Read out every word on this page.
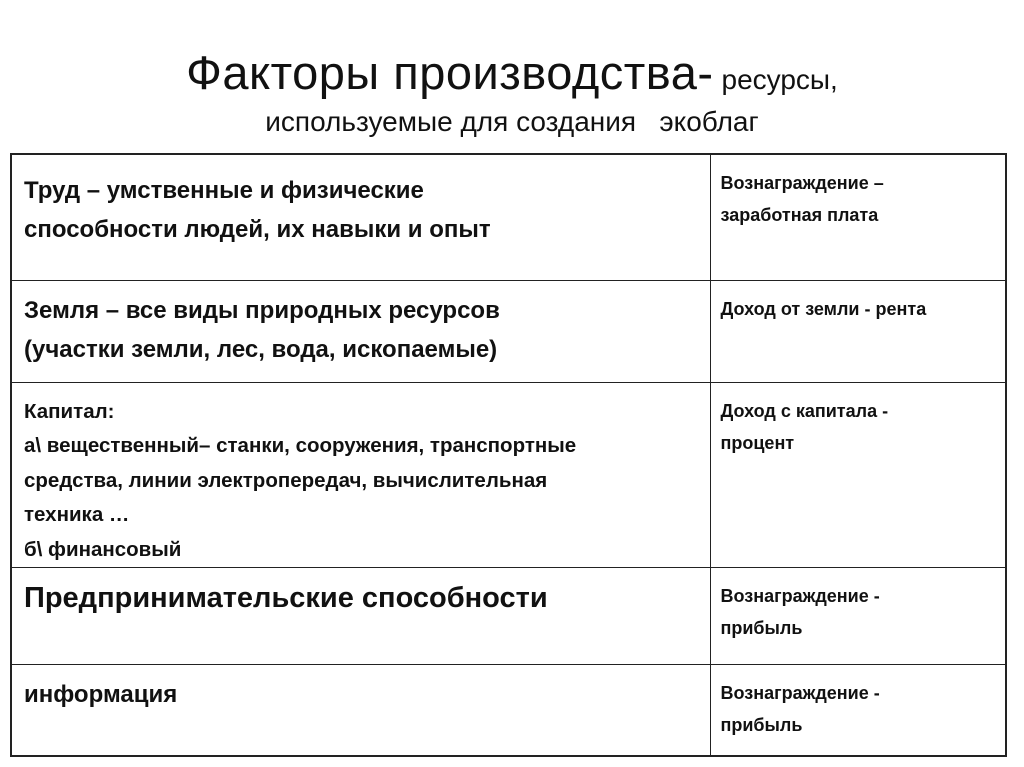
Факторы производства- ресурсы,
используемые для создания   экоблаг
Труд – умственные и физические
способности людей, их навыки и опыт	Вознаграждение –
заработная плата

Земля – все виды природных ресурсов
(участки земли, лес, вода, ископаемые)	Доход от земли - рента

Капитал:
а\ вещественный– станки, сооружения, транспортные
средства, линии электропередач, вычислительная
техника …
б\ финансовый	Доход с капитала -
процент

Предпринимательские способности	Вознаграждение -
прибыль

информация	Вознаграждение -
прибыль
